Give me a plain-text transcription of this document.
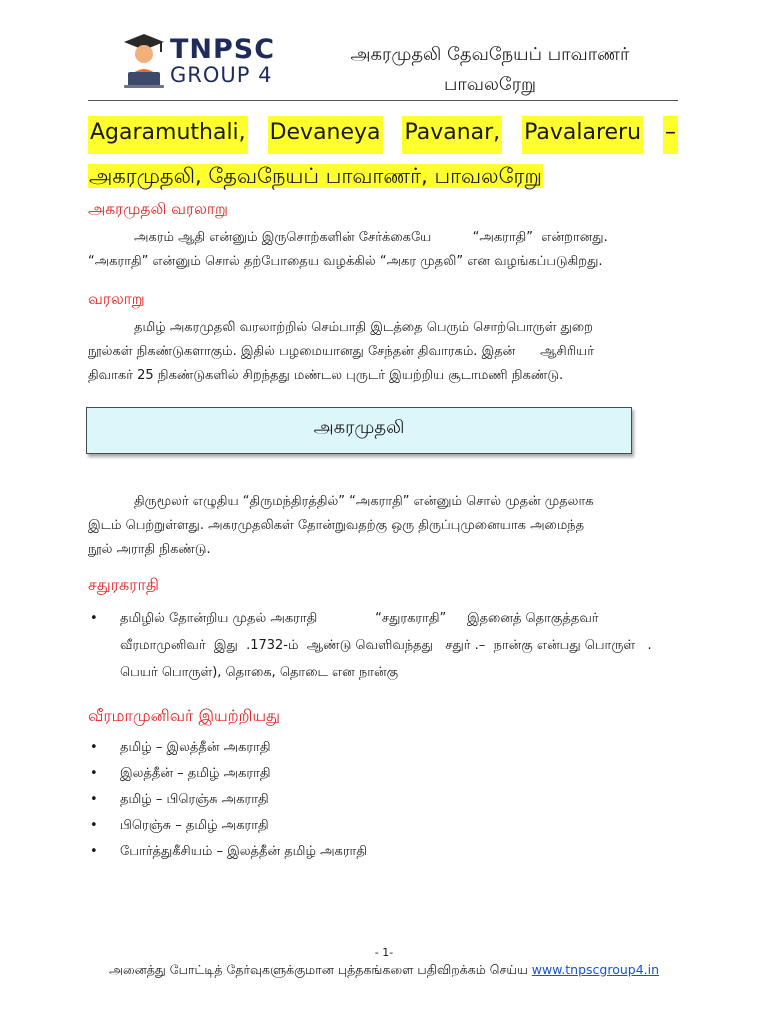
TNPSC
GROUP 4
அகரமுதலி தேவநேயப் பாவாணர்
பாவலரேறு
Agaramuthali, Devaneya Pavanar, Pavalareru –
அகரமுதலி, தேவநேயப் பாவாணர், பாவலரேறு
அகரமுதலி வரலாறு

அகரம் ஆதி என்னும் இருசொற்களின் சேர்க்கையே          “அகராதி”  என்றானது.

“அகராதி” என்னும் சொல் தற்போதைய வழக்கில் “அகர முதலி” என வழங்கப்படுகிறது.

வரலாறு

தமிழ் அகரமுதலி வரலாற்றில் செம்பாதி இடத்தை பெரும் சொற்பொருள் துறை

நூல்கள் நிகண்டுகளாகும். இதில் பழமையானது சேந்தன் திவாரகம். இதன்      ஆசிரியர்

திவாகர் 25 நிகண்டுகளில் சிறந்தது மண்டல புருடர் இயற்றிய சூடாமணி நிகண்டு.

அகரமுதலி

திருமூலர் எழுதிய “திருமந்திரத்தில்” “அகராதி” என்னும் சொல் முதன் முதலாக

இடம் பெற்றுள்ளது. அகரமுதலிகள் தோன்றுவதற்கு ஒரு திருப்புமுனையாக அமைந்த

நூல் அராதி நிகண்டு.

சதுரகராதி
• தமிழில் தோன்றிய முதல் அகராதி              “சதுரகராதி”     இதனைத் தொகுத்தவர்
வீரமாமுனிவர்  இது  .1732-ம்  ஆண்டு வெளிவந்தது   சதுர் .–  நான்கு என்பது பொருள்   .
பெயர் பொருள்), தொகை, தொடை என நான்கு
வீரமாமுனிவர் இயற்றியது
• தமிழ் – இலத்தீன் அகராதி
• இலத்தீன் – தமிழ் அகராதி
• தமிழ் – பிரெஞ்சு அகராதி
• பிரெஞ்சு – தமிழ் அகராதி
• போர்த்துகீசியம் – இலத்தீன் தமிழ் அகராதி
- 1-
அனைத்து போட்டித் தேர்வுகளுக்குமான புத்தகங்களை பதிவிறக்கம் செய்ய www.tnpscgroup4.in
